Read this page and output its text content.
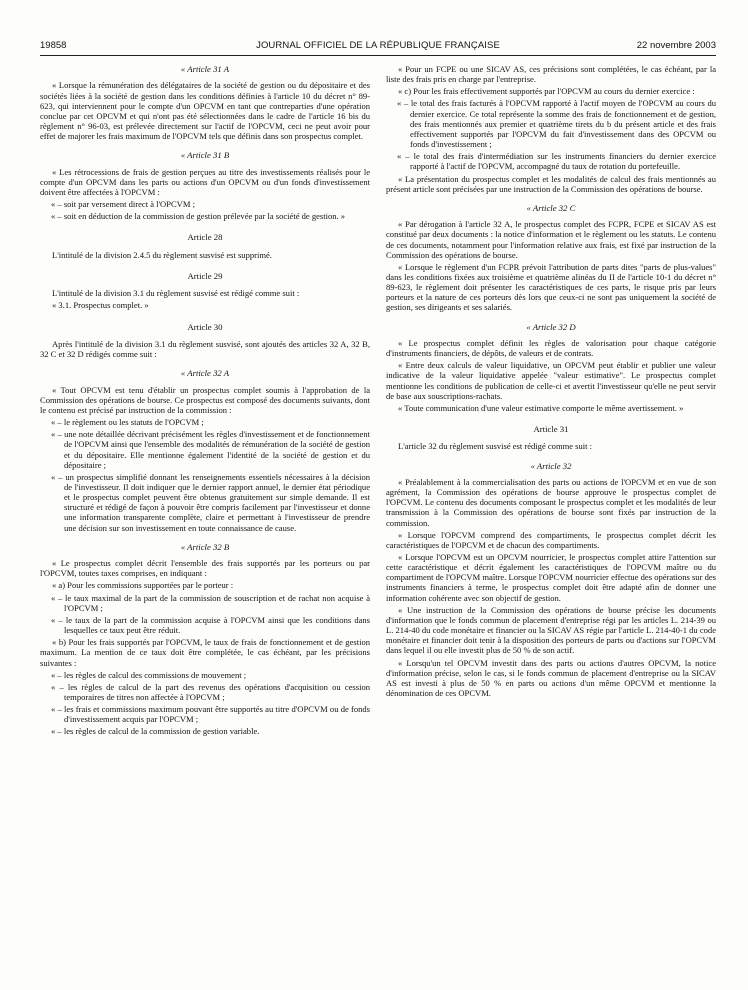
19858	JOURNAL OFFICIEL DE LA RÉPUBLIQUE FRANÇAISE	22 novembre 2003
« Article 31 A

« Lorsque la rémunération des délégataires de la société de gestion ou du dépositaire et des sociétés liées à la société de gestion dans les conditions définies à l'article 10 du décret n° 89-623, qui interviennent pour le compte d'un OPCVM en tant que contreparties d'une opération conclue par cet OPCVM et qui n'ont pas été sélectionnées dans le cadre de l'article 16 bis du règlement n° 96-03, est prélevée directement sur l'actif de l'OPCVM, ceci ne peut avoir pour effet de majorer les frais maximum de l'OPCVM tels que définis dans son prospectus complet.

« Article 31 B

« Les rétrocessions de frais de gestion perçues au titre des investissements réalisés pour le compte d'un OPCVM dans les parts ou actions d'un OPCVM ou d'un fonds d'investissement doivent être affectées à l'OPCVM :

« – soit par versement direct à l'OPCVM ;

« – soit en déduction de la commission de gestion prélevée par la société de gestion. »

Article 28

L'intitulé de la division 2.4.5 du règlement susvisé est supprimé.

Article 29

L'intitulé de la division 3.1 du règlement susvisé est rédigé comme suit :

« 3.1. Prospectus complet. »

Article 30

Après l'intitulé de la division 3.1 du règlement susvisé, sont ajoutés des articles 32 A, 32 B, 32 C et 32 D rédigés comme suit :

« Article 32 A

« Tout OPCVM est tenu d'établir un prospectus complet soumis à l'approbation de la Commission des opérations de bourse. Ce prospectus est composé des documents suivants, dont le contenu est précisé par instruction de la commission :

« – le règlement ou les statuts de l'OPCVM ;

« – une note détaillée décrivant précisément les règles d'investissement et de fonctionnement de l'OPCVM ainsi que l'ensemble des modalités de rémunération de la société de gestion et du dépositaire. Elle mentionne également l'identité de la société de gestion et du dépositaire ;

« – un prospectus simplifié donnant les renseignements essentiels nécessaires à la décision de l'investisseur. Il doit indiquer que le dernier rapport annuel, le dernier état périodique et le prospectus complet peuvent être obtenus gratuitement sur simple demande. Il est structuré et rédigé de façon à pouvoir être compris facilement par l'investisseur et donne une information transparente complète, claire et permettant à l'investisseur de prendre une décision sur son investissement en toute connaissance de cause.

« Article 32 B

« Le prospectus complet décrit l'ensemble des frais supportés par les porteurs ou par l'OPCVM, toutes taxes comprises, en indiquant :

« a) Pour les commissions supportées par le porteur :

« – le taux maximal de la part de la commission de souscription et de rachat non acquise à l'OPCVM ;

« – le taux de la part de la commission acquise à l'OPCVM ainsi que les conditions dans lesquelles ce taux peut être réduit.

« b) Pour les frais supportés par l'OPCVM, le taux de frais de fonctionnement et de gestion maximum. La mention de ce taux doit être complétée, le cas échéant, par les précisions suivantes :

« – les règles de calcul des commissions de mouvement ;

« – les règles de calcul de la part des revenus des opérations d'acquisition ou cession temporaires de titres non affectée à l'OPCVM ;

« – les frais et commissions maximum pouvant être supportés au titre d'OPCVM ou de fonds d'investissement acquis par l'OPCVM ;

« – les règles de calcul de la commission de gestion variable.

« Pour un FCPE ou une SICAV AS, ces précisions sont complétées, le cas échéant, par la liste des frais pris en charge par l'entreprise.

« c) Pour les frais effectivement supportés par l'OPCVM au cours du dernier exercice :

« – le total des frais facturés à l'OPCVM rapporté à l'actif moyen de l'OPCVM au cours du dernier exercice. Ce total représente la somme des frais de fonctionnement et de gestion, des frais mentionnés aux premier et quatrième tirets du b du présent article et des frais effectivement supportés par l'OPCVM du fait d'investissement dans des OPCVM ou fonds d'investissement ;

« – le total des frais d'intermédiation sur les instruments financiers du dernier exercice rapporté à l'actif de l'OPCVM, accompagné du taux de rotation du portefeuille.

« La présentation du prospectus complet et les modalités de calcul des frais mentionnés au présent article sont précisées par une instruction de la Commission des opérations de bourse.

« Article 32 C

« Par dérogation à l'article 32 A, le prospectus complet des FCPR, FCPE et SICAV AS est constitué par deux documents : la notice d'information et le règlement ou les statuts. Le contenu de ces documents, notamment pour l'information relative aux frais, est fixé par instruction de la Commission des opérations de bourse.

« Lorsque le règlement d'un FCPR prévoit l'attribution de parts dites "parts de plus-values" dans les conditions fixées aux troisième et quatrième alinéas du II de l'article 10-1 du décret n° 89-623, le règlement doit présenter les caractéristiques de ces parts, le risque pris par leurs porteurs et la nature de ces porteurs dès lors que ceux-ci ne sont pas uniquement la société de gestion, ses dirigeants et ses salariés.

« Article 32 D

« Le prospectus complet définit les règles de valorisation pour chaque catégorie d'instruments financiers, de dépôts, de valeurs et de contrats.

« Entre deux calculs de valeur liquidative, un OPCVM peut établir et publier une valeur indicative de la valeur liquidative appelée "valeur estimative". Le prospectus complet mentionne les conditions de publication de celle-ci et avertit l'investisseur qu'elle ne peut servir de base aux souscriptions-rachats.

« Toute communication d'une valeur estimative comporte le même avertissement. »

Article 31

L'article 32 du règlement susvisé est rédigé comme suit :

« Article 32

« Préalablement à la commercialisation des parts ou actions de l'OPCVM et en vue de son agrément, la Commission des opérations de bourse approuve le prospectus complet de l'OPCVM. Le contenu des documents composant le prospectus complet et les modalités de leur transmission à la Commission des opérations de bourse sont fixés par instruction de la commission.

« Lorsque l'OPCVM comprend des compartiments, le prospectus complet décrit les caractéristiques de l'OPCVM et de chacun des compartiments.

« Lorsque l'OPCVM est un OPCVM nourricier, le prospectus complet attire l'attention sur cette caractéristique et décrit également les caractéristiques de l'OPCVM maître ou du compartiment de l'OPCVM maître. Lorsque l'OPCVM nourricier effectue des opérations sur des instruments financiers à terme, le prospectus complet doit être adapté afin de donner une information cohérente avec son objectif de gestion.

« Une instruction de la Commission des opérations de bourse précise les documents d'information que le fonds commun de placement d'entreprise régi par les articles L. 214-39 ou L. 214-40 du code monétaire et financier ou la SICAV AS régie par l'article L. 214-40-1 du code monétaire et financier doit tenir à la disposition des porteurs de parts ou d'actions sur l'OPCVM dans lequel il ou elle investit plus de 50 % de son actif.

« Lorsqu'un tel OPCVM investit dans des parts ou actions d'autres OPCVM, la notice d'information précise, selon le cas, si le fonds commun de placement d'entreprise ou la SICAV AS est investi à plus de 50 % en parts ou actions d'un même OPCVM et mentionne la dénomination de ces OPCVM.
